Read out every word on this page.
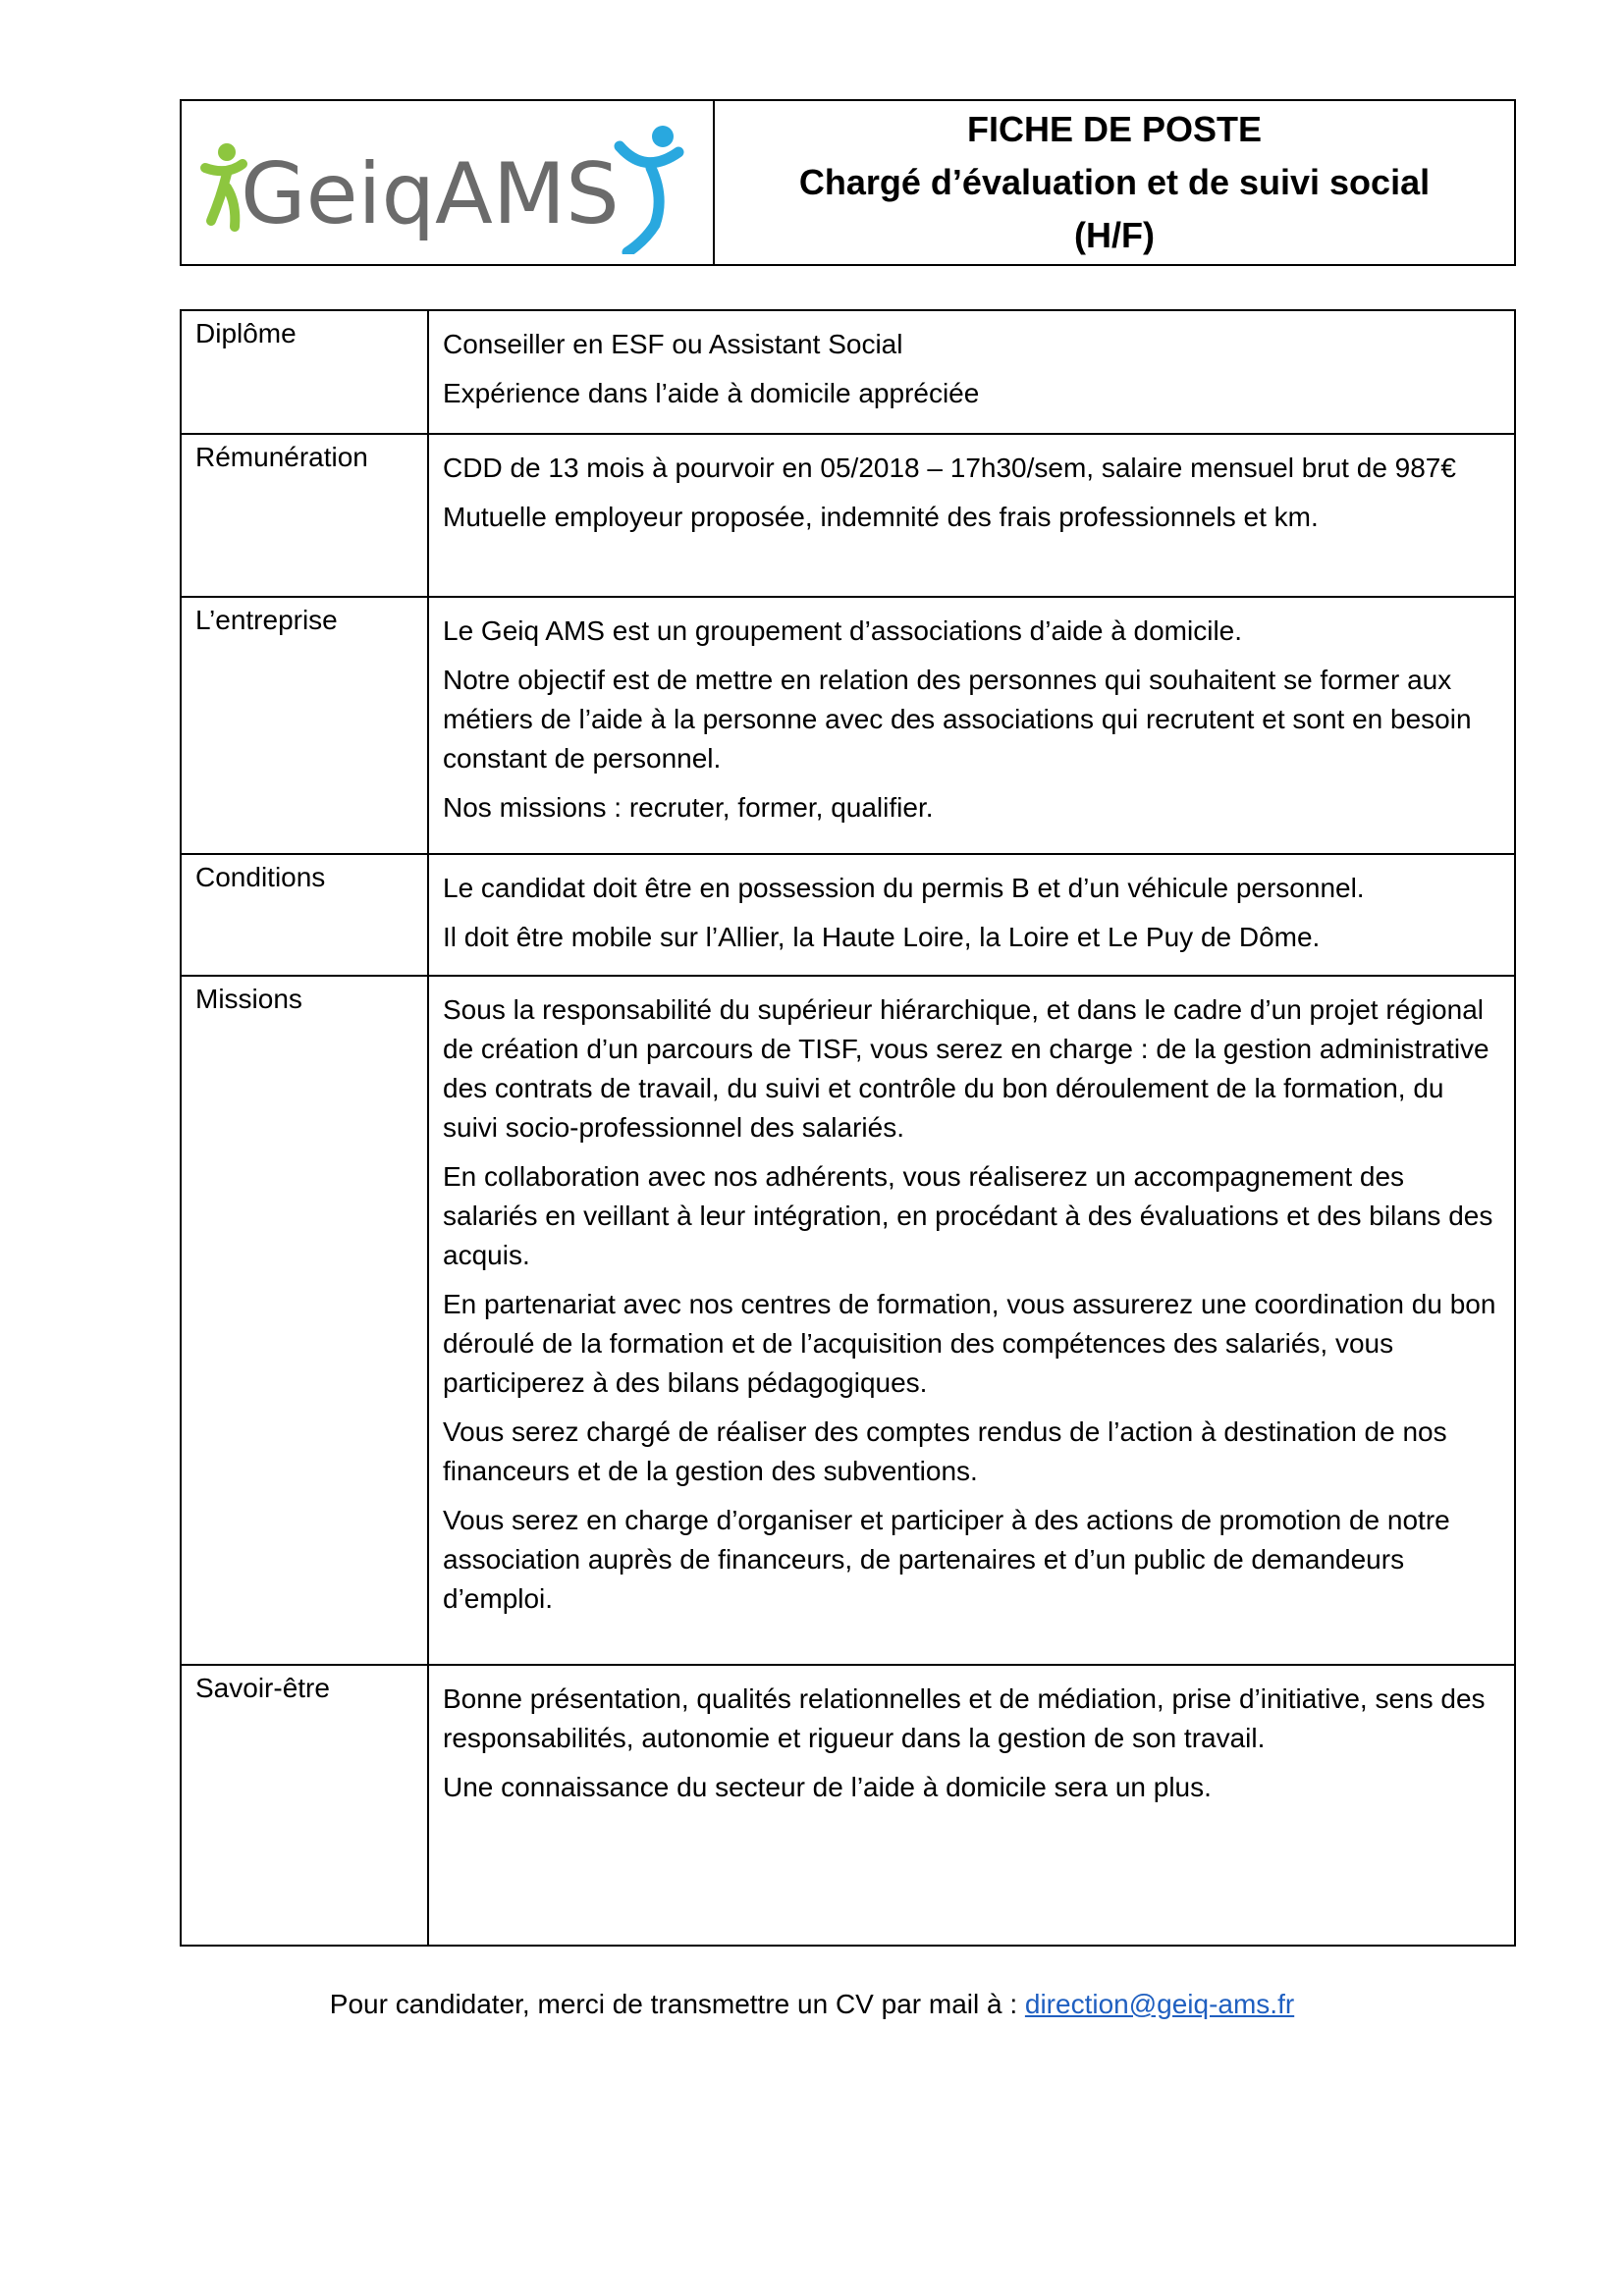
GeiqAMS
FICHE DE POSTE
Chargé d’évaluation et de suivi social
(H/F)
Diplôme	Conseiller en ESF ou Assistant Social

Expérience dans l’aide à domicile appréciée

Rémunération	CDD de 13 mois à pourvoir en 05/2018 – 17h30/sem, salaire mensuel brut de 987€

Mutuelle employeur proposée, indemnité des frais professionnels et km.

L’entreprise	Le Geiq AMS est un groupement d’associations d’aide à domicile.

Notre objectif est de mettre en relation des personnes qui souhaitent se former aux métiers de l’aide à la personne avec des associations qui recrutent et sont en besoin constant de personnel.

Nos missions : recruter, former, qualifier.

Conditions	Le candidat doit être en possession du permis B et d’un véhicule personnel.

Il doit être mobile sur l’Allier, la Haute Loire, la Loire et Le Puy de Dôme.

Missions	Sous la responsabilité du supérieur hiérarchique, et dans le cadre d’un projet régional de création d’un parcours de TISF, vous serez en charge : de la gestion administrative des contrats de travail, du suivi et contrôle du bon déroulement de la formation, du suivi socio-professionnel des salariés.

En collaboration avec nos adhérents, vous réaliserez un accompagnement des salariés en veillant à leur intégration, en procédant à des évaluations et des bilans des acquis.

En partenariat avec nos centres de formation, vous assurerez une coordination du bon déroulé de la formation et de l’acquisition des compétences des salariés, vous participerez à des bilans pédagogiques.

Vous serez chargé de réaliser des comptes rendus de l’action à destination de nos financeurs et de la gestion des subventions.

Vous serez en charge d’organiser et participer à des actions de promotion de notre association auprès de financeurs, de partenaires et d’un public de demandeurs d’emploi.

Savoir-être	Bonne présentation, qualités relationnelles et de médiation, prise d’initiative, sens des responsabilités, autonomie et rigueur dans la gestion de son travail.

Une connaissance du secteur de l’aide à domicile sera un plus.

Pour candidater, merci de transmettre un CV par mail à : direction@geiq-ams.fr
